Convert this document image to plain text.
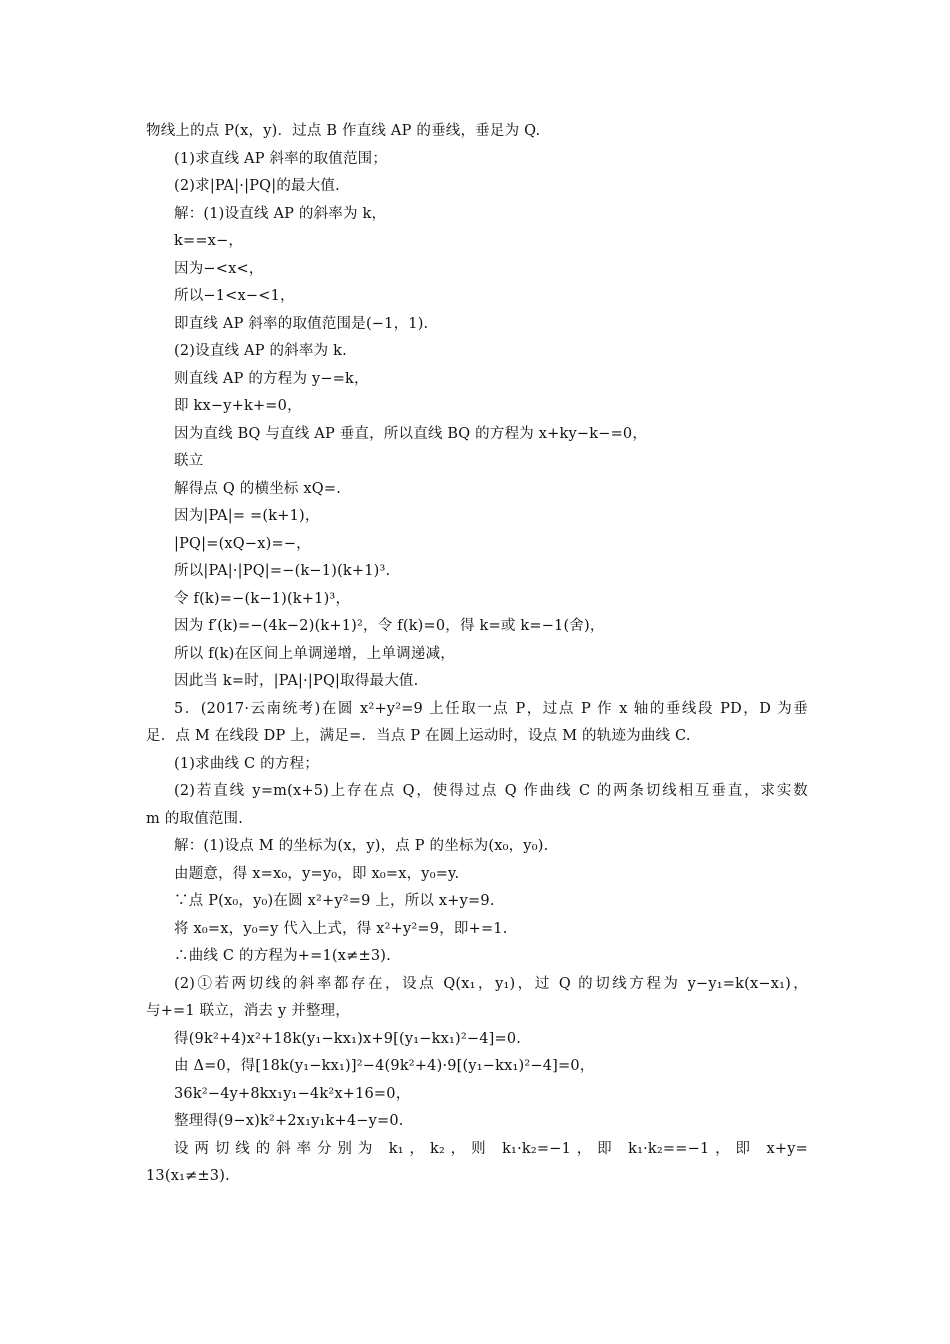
物线上的点 P(x，y)．过点 B 作直线 AP 的垂线，垂足为 Q.
(1)求直线 AP 斜率的取值范围；
(2)求|PA|·|PQ|的最大值.
解：(1)设直线 AP 的斜率为 k，
k==x−，
因为−<x<，
所以−1<x−<1，
即直线 AP 斜率的取值范围是(−1，1).
(2)设直线 AP 的斜率为 k.
则直线 AP 的方程为 y−=k，
即 kx−y+k+=0，
因为直线 BQ 与直线 AP 垂直，所以直线 BQ 的方程为 x+ky−k−=0，
联立
解得点 Q 的横坐标 xQ=.
因为|PA|= =(k+1)，
|PQ|=(xQ−x)=−，
所以|PA|·|PQ|=−(k−1)(k+1)³.
令 f(k)=−(k−1)(k+1)³，
因为 f′(k)=−(4k−2)(k+1)²，令 f(k)=0，得 k=或 k=−1(舍)，
所以 f(k)在区间上单调递增，上单调递减，
因此当 k=时，|PA|·|PQ|取得最大值.
5．(2017·云南统考)在圆 x²+y²=9 上任取一点 P，过点 P 作 x 轴的垂线段 PD，D 为垂
足．点 M 在线段 DP 上，满足=．当点 P 在圆上运动时，设点 M 的轨迹为曲线 C.
(1)求曲线 C 的方程；
(2)若直线 y=m(x+5)上存在点 Q，使得过点 Q 作曲线 C 的两条切线相互垂直，求实数
m 的取值范围.
解：(1)设点 M 的坐标为(x，y)，点 P 的坐标为(x₀，y₀).
由题意，得 x=x₀，y=y₀，即 x₀=x，y₀=y.
∵点 P(x₀，y₀)在圆 x²+y²=9 上，所以 x+y=9.
将 x₀=x，y₀=y 代入上式，得 x²+y²=9，即+=1.
∴曲线 C 的方程为+=1(x≠±3).
(2)①若两切线的斜率都存在，设点 Q(x₁，y₁)，过 Q 的切线方程为 y−y₁=k(x−x₁)，
与+=1 联立，消去 y 并整理，
得(9k²+4)x²+18k(y₁−kx₁)x+9[(y₁−kx₁)²−4]=0.
由 Δ=0，得[18k(y₁−kx₁)]²−4(9k²+4)·9[(y₁−kx₁)²−4]=0，
36k²−4y+8kx₁y₁−4k²x+16=0，
整理得(9−x)k²+2x₁y₁k+4−y=0.
设两切线的斜率分别为 k₁，k₂，则 k₁·k₂=−1，即 k₁·k₂==−1，即 x+y=
13(x₁≠±3).
